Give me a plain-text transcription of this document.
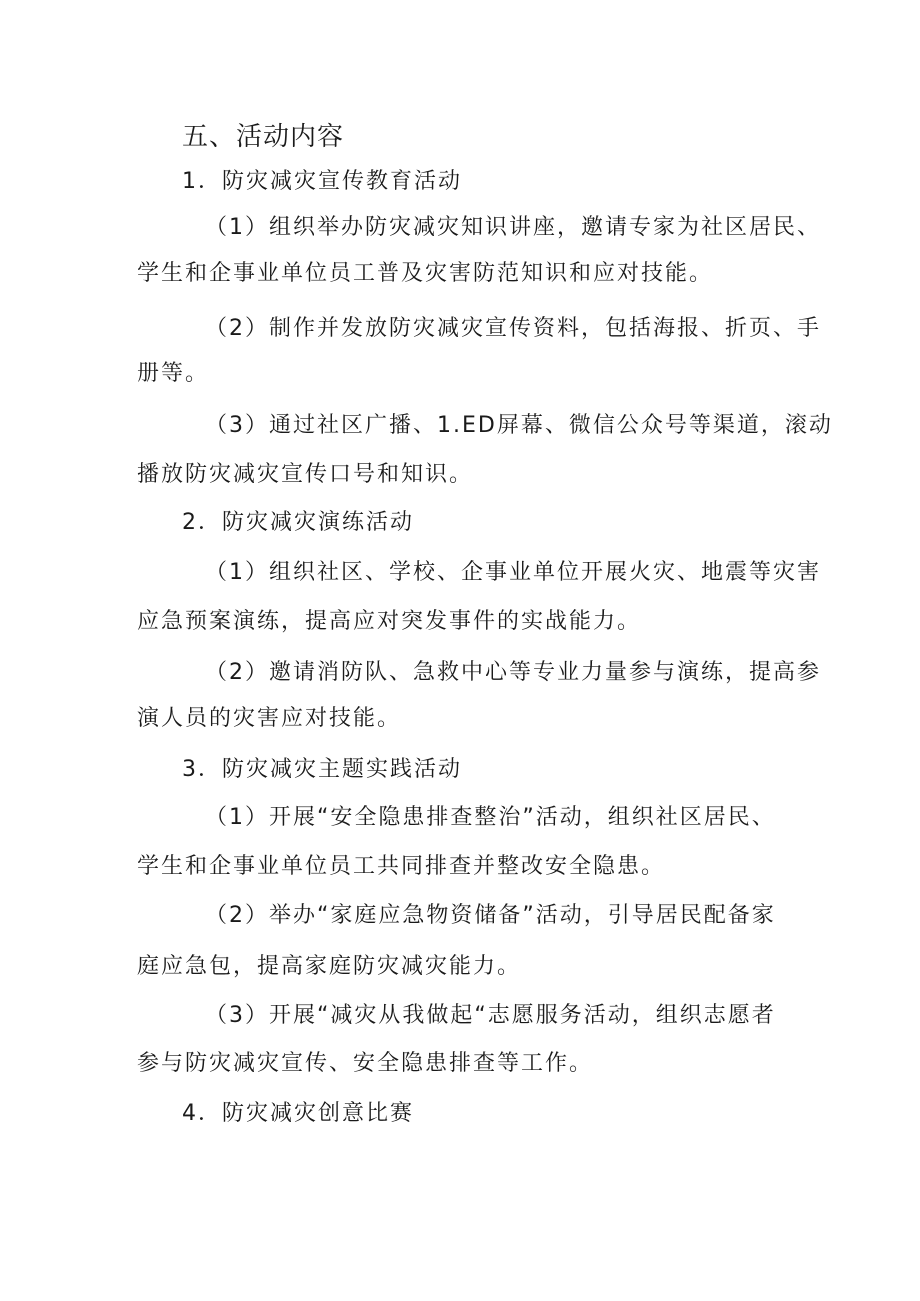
五、活动内容
1．防灾减灾宣传教育活动
（1）组织举办防灾减灾知识讲座，邀请专家为社区居民、
学生和企事业单位员工普及灾害防范知识和应对技能。
（2）制作并发放防灾减灾宣传资料，包括海报、折页、手
册等。
（3）通过社区广播、1.ED屏幕、微信公众号等渠道，滚动
播放防灾减灾宣传口号和知识。
2．防灾减灾演练活动
（1）组织社区、学校、企事业单位开展火灾、地震等灾害
应急预案演练，提高应对突发事件的实战能力。
（2）邀请消防队、急救中心等专业力量参与演练，提高参
演人员的灾害应对技能。
3．防灾减灾主题实践活动
（1）开展“安全隐患排查整治”活动，组织社区居民、
学生和企事业单位员工共同排查并整改安全隐患。
（2）举办“家庭应急物资储备”活动，引导居民配备家
庭应急包，提高家庭防灾减灾能力。
（3）开展“减灾从我做起“志愿服务活动，组织志愿者
参与防灾减灾宣传、安全隐患排查等工作。
4．防灾减灾创意比赛
